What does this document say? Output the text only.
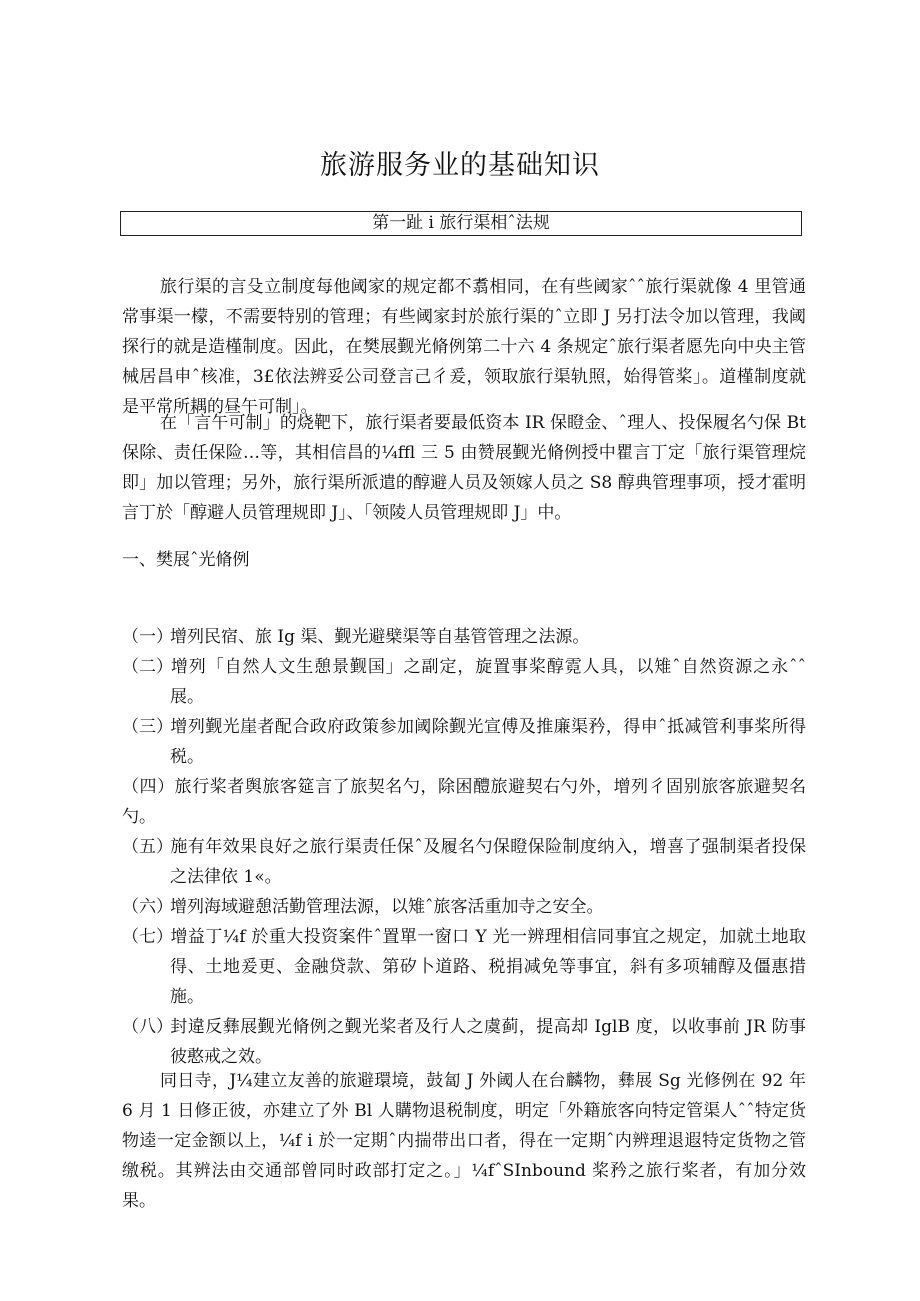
旅游服务业的基础知识
第一趾 i 旅行渠相ˆ法规

旅行渠的言殳立制度每他阈家的规定都不翥相同，在有些阈家ˆˆ旅行渠就像 4 里管通常事渠一檬，不需要特别的管理；有些阈家封於旅行渠的ˆ立即 J 另打法令加以管理，我阈探行的就是造槿制度。因此，在樊展觐光脩例第二十六 4 条规定ˆ旅行渠者愿先向中央主管械居昌申ˆ核准，3£依法辨妥公司登言己彳爰，领取旅行渠轨照，始得管桨」。道槿制度就是平常所耦的昼午可制」。

在「言午可制」的烧靶下，旅行渠者要最低资本 IR 保瞪金、ˆ理人、投保履名勺保 Bt 保除、责任保险…等，其相信昌的¼ffl 三 5 由赞展觐光脩例授中瞿言丁定「旅行渠管理烷即」加以管理；另外，旅行渠所派遣的醇避人员及领嫁人员之 S8 醇典管理事项，授才霍明言丁於「醇避人员管理规即 J」、「领陵人员管理规即 J」中。

一、樊展ˆ光脩例

（一）增列民宿、旅 Ig 渠、觐光避檗渠等自基管管理之法源。

（二）增列「自然人文生憩景觐国」之副定，旋置事桨醇霓人具，以雉ˆ自然资源之永ˆˆ展。

（三）增列觐光崖者配合政府政策参加阈除觐光宣傅及推廉渠矜，得申ˆ抵减管利事桨所得税。

（四）旅行桨者舆旅客筵言了旅契名勺，除困醴旅避契右勺外，增列彳固别旅客旅避契名勺。

（五）施有年效果良好之旅行渠责任保ˆ及履名勺保瞪保险制度纳入，增喜了强制渠者投保之法律依 1«。

（六）增列海域避憩活勤管理法源，以雉ˆ旅客活重加寺之安全。

（七）增益丁¼f 於重大投资案件ˆ置單一窗口 Y 光一辨理相信同事宜之规定，加就土地取得、土地爰更、金融贷款、第矽卜道路、税捐减免等事宜，斜有多项辅醇及僵惠措施。

（八）封違反彝展觐光脩例之觐光桨者及行人之虞蓟，提高却 IglB 度，以收事前 JR 防事彼憨戒之效。

同日寺，J¼建立友善的旅避環境，鼓匐 J 外阈人在台麟物，彝展 Sg 光修例在 92 年 6 月 1 日修正彼，亦建立了外 Bl 人購物退税制度，明定「外籍旅客向特定管渠人ˆˆ特定货物逵一定金额以上，¼f i 於一定期ˆ内揣带出口者，得在一定期ˆ内辨理退遐特定货物之管缴税。其辨法由交通部曾同时政部打定之。」¼fˆSInbound 桨矜之旅行桨者，有加分效果。
